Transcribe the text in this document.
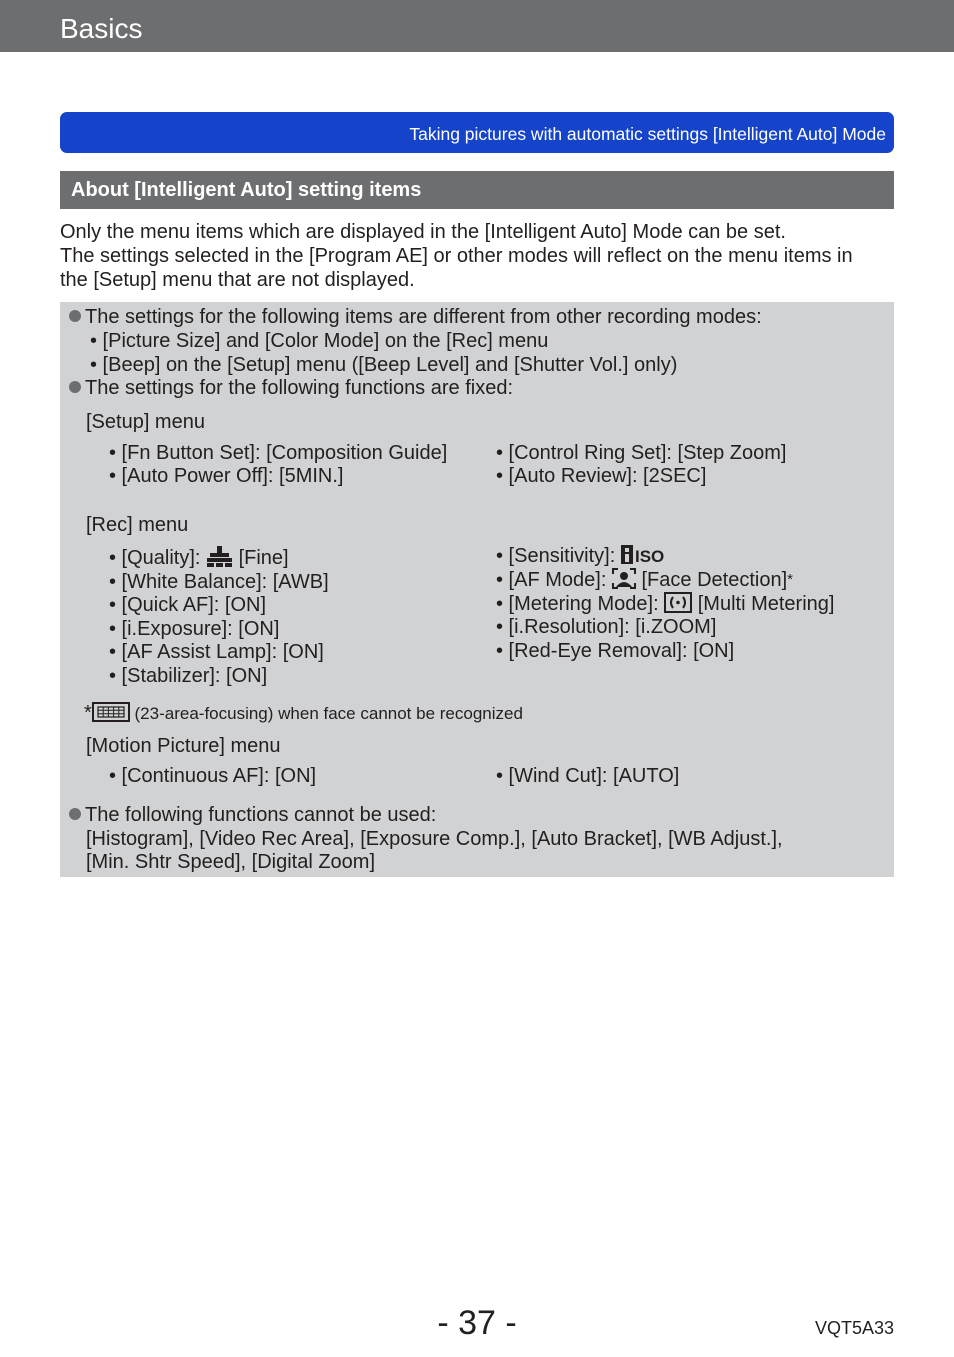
Basics
Taking pictures with automatic settings [Intelligent Auto] Mode
About [Intelligent Auto] setting items
Only the menu items which are displayed in the [Intelligent Auto] Mode can be set.
The settings selected in the [Program AE] or other modes will reflect on the menu items in
the [Setup] menu that are not displayed.
The settings for the following items are different from other recording modes:
• [Picture Size] and [Color Mode] on the [Rec] menu
• [Beep] on the [Setup] menu ([Beep Level] and [Shutter Vol.] only)
The settings for the following functions are fixed:
[Setup] menu
• [Fn Button Set]: [Composition Guide]
• [Auto Power Off]: [5MIN.]
• [Control Ring Set]: [Step Zoom]
• [Auto Review]: [2SEC]
[Rec] menu
• [Quality]:  [Fine]
• [White Balance]: [AWB]
• [Quick AF]: [ON]
• [i.Exposure]: [ON]
• [AF Assist Lamp]: [ON]
• [Stabilizer]: [ON]
• [Sensitivity]: ISO
• [AF Mode]:  [Face Detection]*
• [Metering Mode]:  [Multi Metering]
• [i.Resolution]: [i.ZOOM]
• [Red-Eye Removal]: [ON]
* (23-area-focusing) when face cannot be recognized
[Motion Picture] menu
• [Continuous AF]: [ON]	• [Wind Cut]: [AUTO]
The following functions cannot be used:
[Histogram], [Video Rec Area], [Exposure Comp.], [Auto Bracket], [WB Adjust.],
[Min. Shtr Speed], [Digital Zoom]
- 37 -	VQT5A33
